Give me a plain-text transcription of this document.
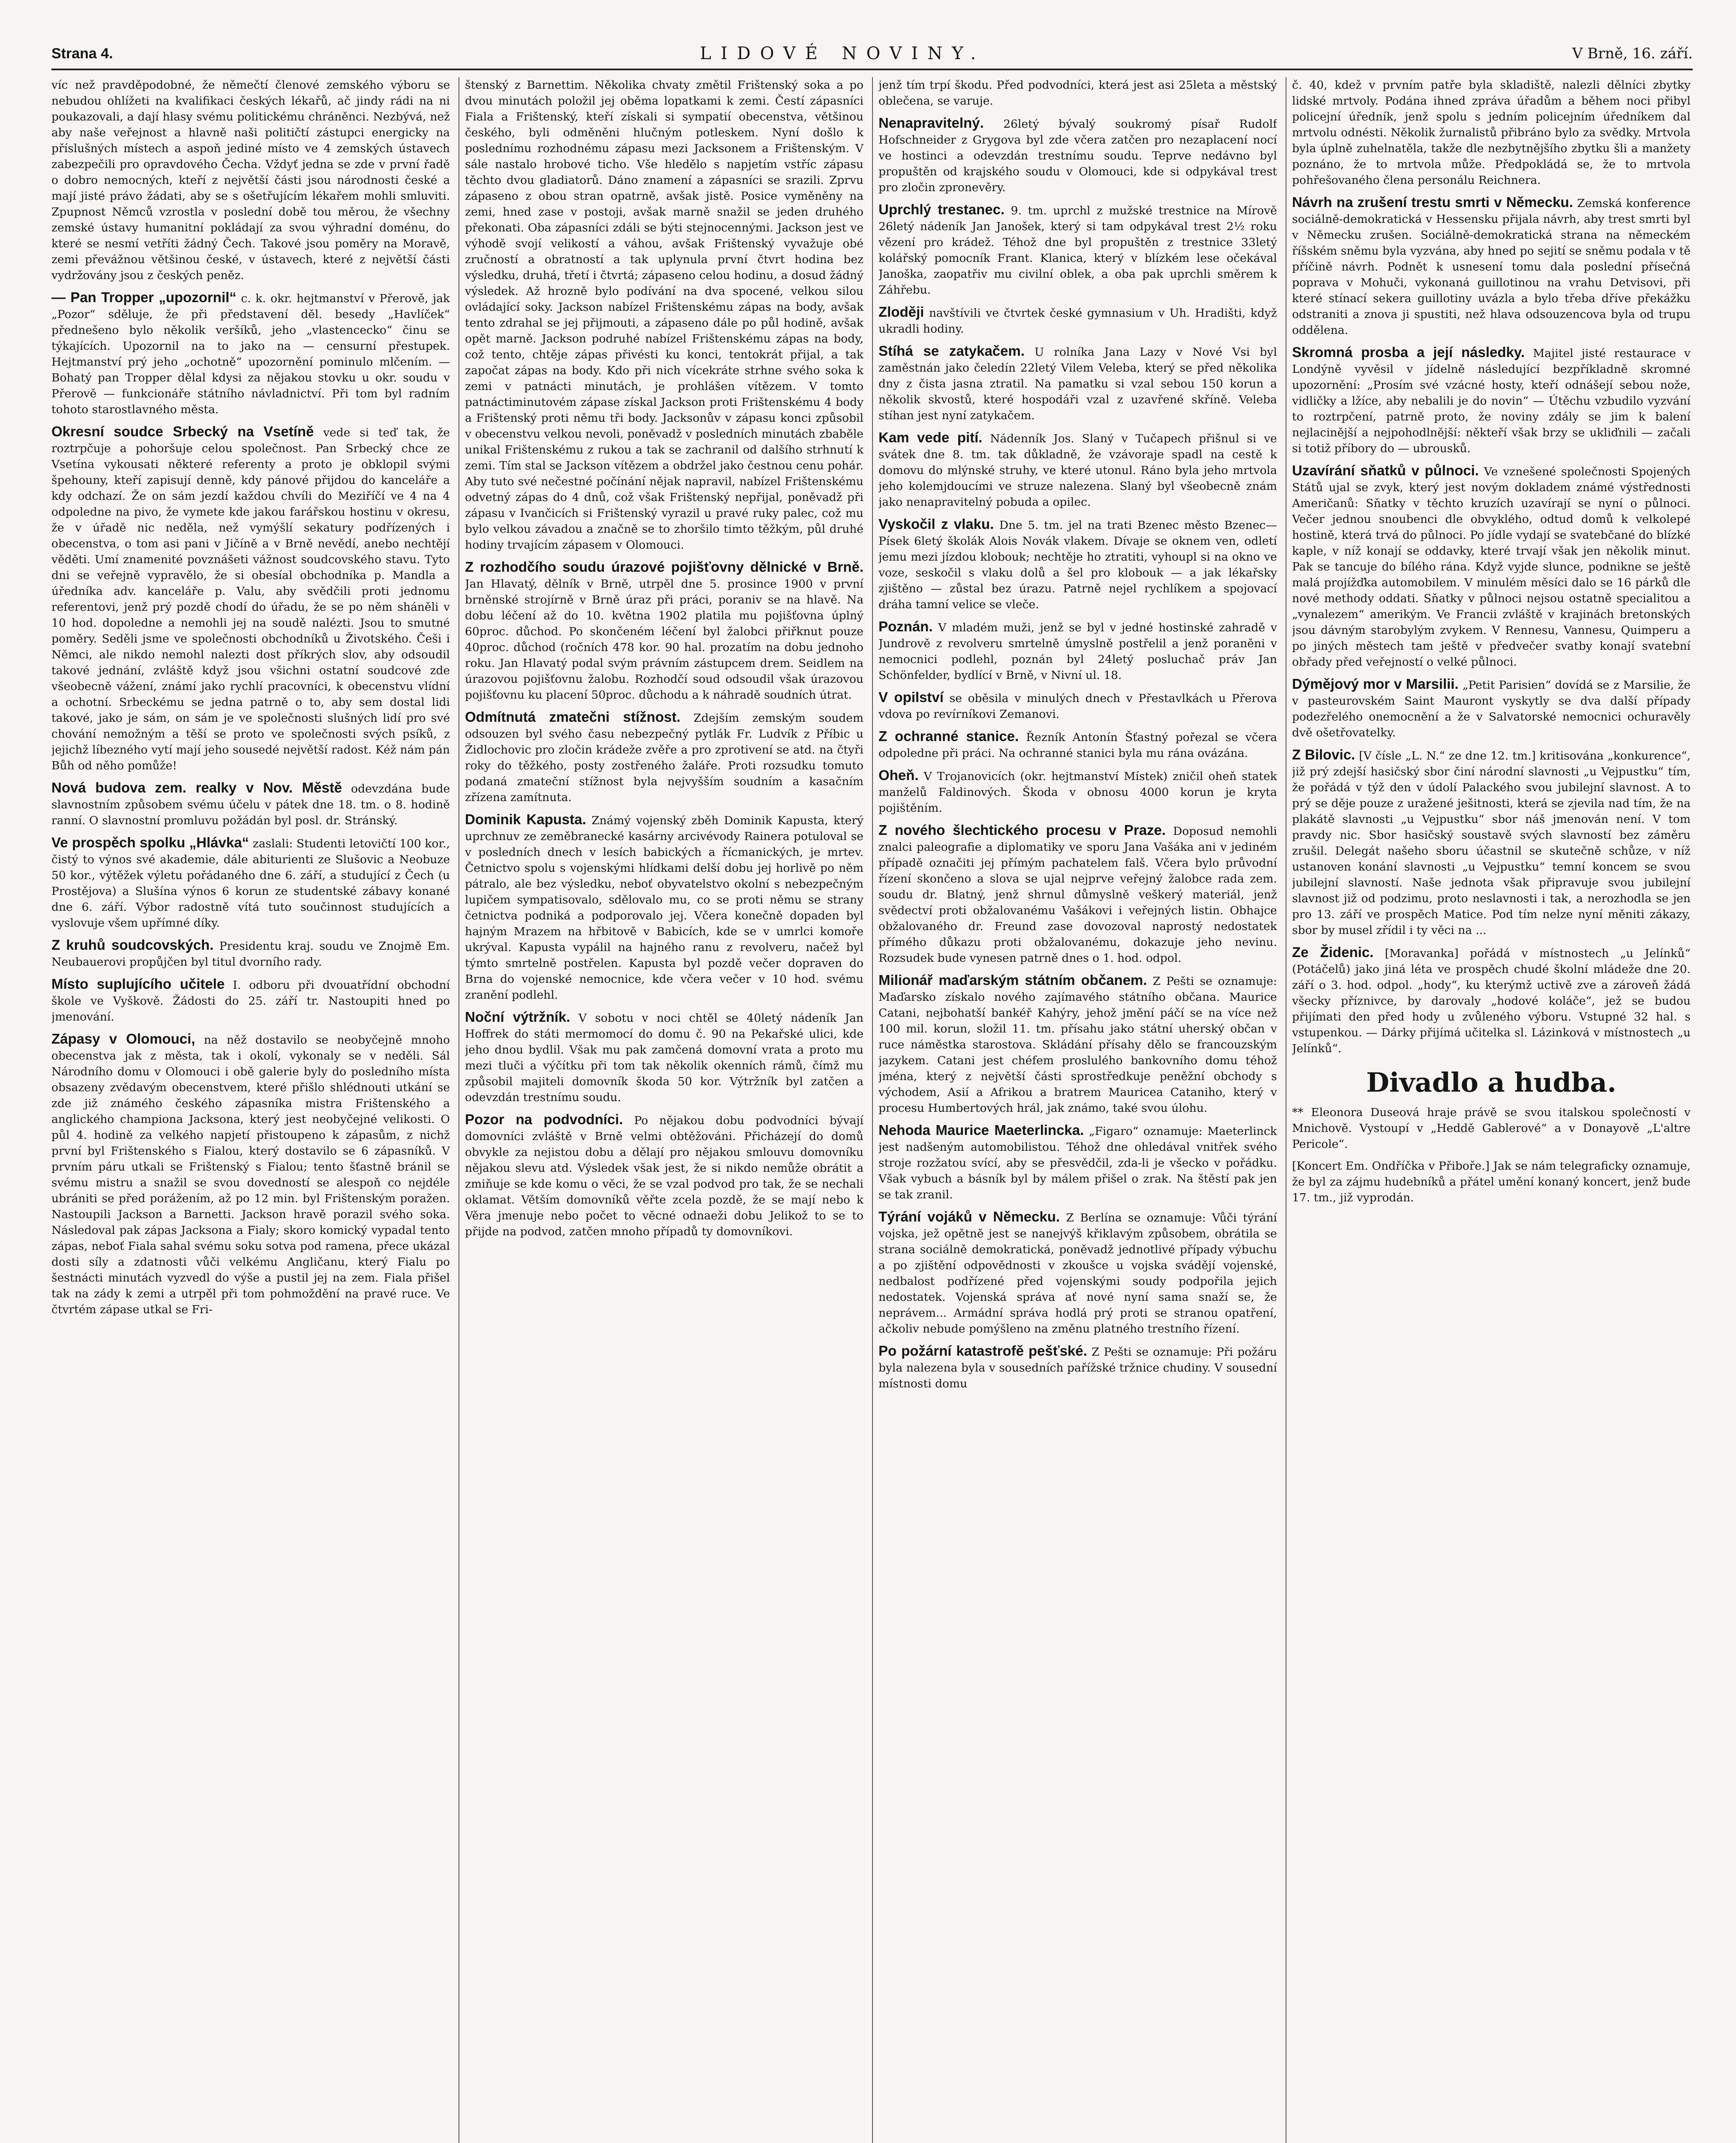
Strana 4.	LIDOVÉ NOVINY.	V Brně, 16. září.

víc než pravděpodobné, že němečtí členové zemského výboru se nebudou ohlížeti na kvalifikaci českých lékařů, ač jindy rádi na ni poukazovali, a dají hlasy svému politickému chráněnci. Nezbývá, než aby naše veřejnost a hlavně naši političtí zástupci energicky na příslušných místech a aspoň jediné místo ve 4 zemských ústavech zabezpečili pro opravdového Čecha. Vždyť jedna se zde v první řadě o dobro nemocných, kteří z největší části jsou národnosti české a mají jisté právo žádati, aby se s ošetřujícím lékařem mohli smluviti. Zpupnost Němců vzrostla v poslední době tou měrou, že všechny zemské ústavy humanitní pokládají za svou výhradní doménu, do které se nesmí vetříti žádný Čech. Takové jsou poměry na Moravě, zemi převážnou většinou české, v ústavech, které z největší části vydržovány jsou z českých peněz.

— Pan Tropper „upozornil“ c. k. okr. hejtmanství v Přerově, jak „Pozor“ sděluje, že při představení děl. besedy „Havlíček“ přednešeno bylo několik veršíků, jeho „vlastencecko“ činu se týkajících. Upozornil na to jako na — censurní přestupek. Hejtmanství prý jeho „ochotně“ upozornění pominulo mlčením. — Bohatý pan Tropper dělal kdysi za nějakou stovku u okr. soudu v Přerově — funkcionáře státního návladnictví. Při tom byl radním tohoto starostlavného města.

Okresní soudce Srbecký na Vsetíně vede si teď tak, že roztrpčuje a pohoršuje celou společnost. Pan Srbecký chce ze Vsetína vykousati některé referenty a proto je obklopil svými špehouny, kteří zapisují denně, kdy pánové přijdou do kanceláře a kdy odchazí. Že on sám jezdí každou chvíli do Meziříčí ve 4 na 4 odpoledne na pivo, že vymete kde jakou farářskou hostinu v okresu, že v úřadě nic neděla, než vymýšlí sekatury podřízených i obecenstva, o tom asi pani v Jičíně a v Brně nevědí, anebo nechtějí věděti. Umí znamenité povznášeti vážnost soudcovského stavu. Tyto dni se veřejně vypravělo, že si obesíal obchodníka p. Mandla a úředníka adv. kanceláře p. Valu, aby svědčili proti jednomu referentovi, jenž prý pozdě chodí do úřadu, že se po něm sháněli v 10 hod. dopoledne a nemohli jej na soudě nalézti. Jsou to smutné poměry. Seděli jsme ve společnosti obchodníků u Životského. Češi i Němci, ale nikdo nemohl nalezti dost příkrých slov, aby odsoudil takové jednání, zvláště když jsou všichni ostatní soudcové zde všeobecně vážení, známí jako rychlí pracovníci, k obecenstvu vlídní a ochotní. Srbeckému se jedna patrně o to, aby sem dostal lidi takové, jako je sám, on sám je ve společnosti slušných lidí pro své chování nemožným a těší se proto ve společnosti svých psíků, z jejichž líbezného vytí mají jeho sousedé největší radost. Kéž nám pán Bůh od něho pomůže!

Nová budova zem. realky v Nov. Městě odevzdána bude slavnostním způsobem svému účelu v pátek dne 18. tm. o 8. hodině ranní. O slavnostní promluvu požádán byl posl. dr. Stránský.

Ve prospěch spolku „Hlávka“ zaslali: Studenti letovičtí 100 kor., čistý to výnos své akademie, dále abiturienti ze Slušovic a Neobuze 50 kor., výtěžek výletu pořádaného dne 6. září, a studující z Čech (u Prostějova) a Slušína výnos 6 korun ze studentské zábavy konané dne 6. září. Výbor radostně vítá tuto součinnost studujících a vyslovuje všem upřímné díky.

Z kruhů soudcovských. Presidentu kraj. soudu ve Znojmě Em. Neubauerovi propůjčen byl titul dvorního rady.

Místo suplujícího učitele I. odboru při dvouatřídní obchodní škole ve Vyškově. Žádosti do 25. září tr. Nastoupiti hned po jmenování.

Zápasy v Olomouci, na něž dostavilo se neobyčejně mnoho obecenstva jak z města, tak i okolí, vykonaly se v neděli. Sál Národního domu v Olomouci i obě galerie byly do posledního místa obsazeny zvědavým obecenstvem, které přišlo shlédnouti utkání se zde již známého českého zápasníka mistra Frištenského a anglického championa Jacksona, který jest neobyčejné velikosti. O půl 4. hodině za velkého napjetí přistoupeno k zápasům, z nichž první byl Frištenského s Fialou, který dostavilo se 6 zápasníků. V prvním páru utkali se Frištenský s Fialou; tento šťastně bránil se svému mistru a snažil se svou dovedností se alespoň co nejdéle ubrániti se před porážením, až po 12 min. byl Frištenským poražen. Nastoupili Jackson a Barnetti. Jackson hravě porazil svého soka. Následoval pak zápas Jacksona a Fialy; skoro komický vypadal tento zápas, neboť Fiala sahal svému soku sotva pod ramena, přece ukázal dosti síly a zdatnosti vůči velkému Angličanu, který Fialu po šestnácti minutách vyzvedl do výše a pustil jej na zem. Fiala přišel tak na zády k zemi a utrpěl při tom pohmoždění na pravé ruce. Ve čtvrtém zápase utkal se Fri-

štenský z Barnettim. Několika chvaty změtil Frištenský soka a po dvou minutách položil jej oběma lopatkami k zemi. Čestí zápasníci Fiala a Frištenský, kteří získali si sympatií obecenstva, většinou českého, byli odměněni hlučným potleskem. Nyní došlo k poslednímu rozhodnému zápasu mezi Jacksonem a Frištenským. V sále nastalo hrobové ticho. Vše hledělo s napjetím vstříc zápasu těchto dvou gladiatorů. Dáno znamení a zápasníci se srazili. Zprvu zápaseno z obou stran opatrně, avšak jistě. Posice vyměněny na zemi, hned zase v postoji, avšak marně snažil se jeden druhého překonati. Oba zápasníci zdáli se býti stejnocennými. Jackson jest ve výhodě svojí velikostí a váhou, avšak Frištenský vyvažuje obé zručností a obratností a tak uplynula první čtvrt hodina bez výsledku, druhá, třetí i čtvrtá; zápaseno celou hodinu, a dosud žádný výsledek. Až hrozně bylo podívání na dva spocené, velkou silou ovládající soky. Jackson nabízel Frištenskému zápas na body, avšak tento zdrahal se jej přijmouti, a zápaseno dále po půl hodině, avšak opět marně. Jackson podruhé nabízel Frištenskému zápas na body, což tento, chtěje zápas přivésti ku konci, tentokrát přijal, a tak započat zápas na body. Kdo při nich vícekráte strhne svého soka k zemi v patnácti minutách, je prohlášen vítězem. V tomto patnáctiminutovém zápase získal Jackson proti Frištenskému 4 body a Frištenský proti němu tři body. Jacksonův v zápasu konci způsobil v obecenstvu velkou nevoli, poněvadž v posledních minutách zbaběle unikal Frištenskému z rukou a tak se zachranil od dalšího strhnutí k zemi. Tím stal se Jackson vítězem a obdržel jako čestnou cenu pohár. Aby tuto své nečestné počínání nějak napravil, nabízel Frištenskému odvetný zápas do 4 dnů, což však Frištenský nepřijal, poněvadž při zápasu v Ivančicích si Frištenský vyrazil u pravé ruky palec, což mu bylo velkou závadou a značně se to zhoršilo timto těžkým, půl druhé hodiny trvajícím zápasem v Olomouci.

Z rozhodčího soudu úrazové pojišťovny dělnické v Brně. Jan Hlavatý, dělník v Brně, utrpěl dne 5. prosince 1900 v první brněnské strojírně v Brně úraz při práci, poraniv se na hlavě. Na dobu léčení až do 10. května 1902 platila mu pojišťovna úplný 60proc. důchod. Po skončeném léčení byl žalobci přiřknut pouze 40proc. důchod (ročních 478 kor. 90 hal. prozatím na dobu jednoho roku. Jan Hlavatý podal svým právním zástupcem drem. Seidlem na úrazovou pojišťovnu žalobu. Rozhodčí soud odsoudil však úrazovou pojišťovnu ku placení 50proc. důchodu a k náhradě soudních útrat.

Odmítnutá zmatečni stížnost. Zdejším zemským soudem odsouzen byl svého času nebezpečný pytlák Fr. Ludvík z Příbic u Židlochovic pro zločin krádeže zvěře a pro zprotivení se atd. na čtyři roky do těžkého, posty zostřeného žaláře. Proti rozsudku tomuto podaná zmateční stížnost byla nejvyšším soudním a kasačním zřízena zamítnuta.

Dominik Kapusta. Známý vojenský zběh Dominik Kapusta, který uprchnuv ze zeměbranecké kasárny arcivévody Rainera potuloval se v posledních dnech v lesích babických a řícmanických, je mrtev. Četnictvo spolu s vojenskými hlídkami delší dobu jej horlivě po něm pátralo, ale bez výsledku, neboť obyvatelstvo okolní s nebezpečným lupičem sympatisovalo, sdělovalo mu, co se proti němu se strany četnictva podniká a podporovalo jej. Včera konečně dopaden byl hajným Mrazem na hřbitově v Babicích, kde se v umrlci komoře ukrýval. Kapusta vypálil na hajného ranu z revolveru, načež byl týmto smrtelně postřelen. Kapusta byl pozdě večer dopraven do Brna do vojenské nemocnice, kde včera večer v 10 hod. svému zranění podlehl.

Noční výtržník. V sobotu v noci chtěl se 40letý nádeník Jan Hoffrek do státi mermomocí do domu č. 90 na Pekařské ulici, kde jeho dnou bydlil. Však mu pak zamčená domovní vrata a proto mu mezi tluči a výčítku při tom tak několik okenních rámů, čímž mu způsobil majiteli domovník škoda 50 kor. Výtržník byl zatčen a odevzdán trestnímu soudu.

Pozor na podvodníci. Po nějakou dobu podvodníci bývají domovníci zvláště v Brně velmi obtěžováni. Přicházejí do domů obvykle za nejistou dobu a dělají pro nějakou smlouvu domovníku nějakou slevu atd. Výsledek však jest, že si nikdo nemůže obrátit a zmiňuje se kde komu o věci, že se vzal podvod pro tak, že se nechali oklamat. Větším domovníků věřte zcela pozdě, že se mají nebo k Věra jmenuje nebo počet to věcné odnaeži dobu Jelikož to se to přijde na podvod, zatčen mnoho případů ty domovníkovi.

jenž tím trpí škodu. Před podvodníci, která jest asi 25leta a městský oblečena, se varuje.

Nenapravitelný. 26letý bývalý soukromý písař Rudolf Hofschneider z Grygova byl zde včera zatčen pro nezaplacení nocí ve hostinci a odevzdán trestnímu soudu. Teprve nedávno byl propuštěn od krajského soudu v Olomouci, kde si odpykával trest pro zločin zpronevěry.

Uprchlý trestanec. 9. tm. uprchl z mužské trestnice na Mírově 26letý nádeník Jan Janošek, který si tam odpykával trest 2½ roku vězení pro krádež. Téhož dne byl propuštěn z trestnice 33letý kolářský pomocník Frant. Klanica, který v blízkém lese očekával Janoška, zaopatřiv mu civilní oblek, a oba pak uprchli směrem k Záhřebu.

Zloději navštívili ve čtvrtek české gymnasium v Uh. Hradišti, když ukradli hodiny.

Stíhá se zatykačem. U rolníka Jana Lazy v Nové Vsi byl zaměstnán jako čeledín 22letý Vilem Veleba, který se před několika dny z čista jasna ztratil. Na pamatku si vzal sebou 150 korun a několik skvostů, které hospodáři vzal z uzavřené skříně. Veleba stíhan jest nyní zatykačem.

Kam vede pití. Nádenník Jos. Slaný v Tučapech přišnul si ve svátek dne 8. tm. tak důkladně, že vzávoraje spadl na cestě k domovu do mlýnské struhy, ve které utonul. Ráno byla jeho mrtvola jeho kolemjdoucími ve struze nalezena. Slaný byl všeobecně znám jako nenapravitelný pobuda a opilec.

Vyskočil z vlaku. Dne 5. tm. jel na trati Bzenec město Bzenec—Písek 6letý školák Alois Novák vlakem. Dívaje se oknem ven, odletí jemu mezi jízdou klobouk; nechtěje ho ztratiti, vyhoupl si na okno ve voze, seskočil s vlaku dolů a šel pro klobouk — a jak lékařsky zjištěno — zůstal bez úrazu. Patrně nejel rychlíkem a spojovací dráha tamní velice se vleče.

Poznán. V mladém muži, jenž se byl v jedné hostinské zahradě v Jundrově z revolveru smrtelně úmyslně postřelil a jenž poraněni v nemocnici podlehl, poznán byl 24letý posluchač práv Jan Schönfelder, bydlící v Brně, v Nivní ul. 18.

V opilství se oběsila v minulých dnech v Přestavlkách u Přerova vdova po revírníkovi Zemanovi.

Z ochranné stanice. Řezník Antonín Šťastný pořezal se včera odpoledne při práci. Na ochranné stanici byla mu rána ovázána.

Oheň. V Trojanovicích (okr. hejtmanství Místek) zničil oheň statek manželů Faldinových. Škoda v obnosu 4000 korun je kryta pojištěním.

Z nového šlechtického procesu v Praze. Doposud nemohli znalci paleografie a diplomatiky ve sporu Jana Vašáka ani v jediném případě označiti jej přímým pachatelem falš. Včera bylo průvodní řízení skončeno a slova se ujal nejprve veřejný žalobce rada zem. soudu dr. Blatný, jenž shrnul důmyslně veškerý materiál, jenž svědectví proti obžalovanému Vašákovi i veřejných listin. Obhajce obžalovaného dr. Freund zase dovozoval naprostý nedostatek přímého důkazu proti obžalovanému, dokazuje jeho nevinu. Rozsudek bude vynesen patrně dnes o 1. hod. odpol.

Milionář maďarským státním občanem. Z Pešti se oznamuje: Maďarsko získalo nového zajímavého státního občana. Maurice Catani, nejbohatší bankéř Kahýry, jehož jmění páčí se na více než 100 mil. korun, složil 11. tm. přísahu jako státní uherský občan v ruce náměstka starostova. Skládání přísahy dělo se francouzským jazykem. Catani jest chéfem proslulého bankovního domu téhož jména, který z největší části sprostředkuje peněžní obchody s východem, Asií a Afrikou a bratrem Mauricea Cataniho, který v procesu Humbertových hrál, jak známo, také svou úlohu.

Nehoda Maurice Maeterlincka. „Figaro“ oznamuje: Maeterlinck jest nadšeným automobilistou. Téhož dne ohledával vnitřek svého stroje rozžatou svící, aby se přesvědčil, zda-li je všecko v pořádku. Však vybuch a básník byl by málem přišel o zrak. Na štěstí pak jen se tak zranil.

Týrání vojáků v Německu. Z Berlína se oznamuje: Vůči týrání vojska, jež opětně jest se nanejvýš křiklavým způsobem, obrátila se strana sociálně demokratická, poněvadž jednotlivé případy výbuchu a po zjištění odpovědnosti v zkoušce u vojska svádějí vojenské, nedbalost podřízené před vojenskými soudy podpořila jejich nedostatek. Vojenská správa ať nové nyní sama snaží se, že neprávem... Armádní správa hodlá prý proti se stranou opatření, ačkoliv nebude pomýšleno na změnu platného trestního řízení.

Po požární katastrofě pešťské. Z Pešti se oznamuje: Při požáru byla nalezena byla v sousedních pařížské tržnice chudiny. V sousední místnosti domu

č. 40, kdež v prvním patře byla skladiště, nalezli dělníci zbytky lidské mrtvoly. Podána ihned zpráva úřadům a během noci přibyl policejní úředník, jenž spolu s jedním policejním úředníkem dal mrtvolu odnésti. Několik žurnalistů přibráno bylo za svědky. Mrtvola byla úplně zuhelnatěla, takže dle nezbytnějšího zbytku šli a manžety poznáno, že to mrtvola může. Předpokládá se, že to mrtvola pohřešovaného člena personálu Reichnera.

Návrh na zrušení trestu smrti v Německu. Zemská konference sociálně-demokratická v Hessensku přijala návrh, aby trest smrti byl v Německu zrušen. Sociálně-demokratická strana na německém říšském sněmu byla vyzvána, aby hned po sejití se sněmu podala v tě příčině návrh. Podnět k usnesení tomu dala poslední přísečná poprava v Mohuči, vykonaná guillotinou na vrahu Detvisovi, při které stínací sekera guillotiny uvázla a bylo třeba dříve překážku odstraniti a znova ji spustiti, než hlava odsouzencova byla od trupu oddělena.

Skromná prosba a její následky. Majitel jisté restaurace v Londýně vyvěsil v jídelně následující bezpříkladně skromné upozornění: „Prosím své vzácné hosty, kteří odnášejí sebou nože, vidličky a lžíce, aby nebalili je do novin“ — Útěchu vzbudilo vyzvání to roztrpčení, patrně proto, že noviny zdály se jim k balení nejlacinější a nejpohodlnější: někteří však brzy se ukliďnili — začali si totiž příbory do — ubrousků.

Uzavírání sňatků v půlnoci. Ve vznešené společnosti Spojených Států ujal se zvyk, který jest novým dokladem známé výstřednosti Američanů: Sňatky v těchto kruzích uzavírají se nyní o půlnoci. Večer jednou snoubenci dle obvyklého, odtud domů k velkolepé hostině, která trvá do půlnoci. Po jídle vydají se svatebčané do blízké kaple, v níž konají se oddavky, které trvají však jen několik minut. Pak se tancuje do bílého rána. Když vyjde slunce, podnikne se ještě malá projížďka automobilem. V minulém měsíci dalo se 16 párků dle nové methody oddati. Sňatky v půlnoci nejsou ostatně specialitou a „vynalezem“ amerikým. Ve Francii zvláště v krajinách bretonských jsou dávným starobylým zvykem. V Rennesu, Vannesu, Quimperu a po jiných městech tam ještě v předvečer svatby konají svatební obřady před veřejností o velké půlnoci.

Dýmějový mor v Marsilii. „Petit Parisien“ dovídá se z Marsilie, že v pasteurovském Saint Mauront vyskytly se dva další případy podezřelého onemocnění a že v Salvatorské nemocnici ochuravěly dvě ošetřovatelky.

Z Bilovic. [V čísle „L. N.“ ze dne 12. tm.] kritisována „konkurence“, již prý zdejší hasičský sbor činí národní slavnosti „u Vejpustku“ tím, že pořádá v týž den v údolí Palackého svou jubilejní slavnost. A to prý se děje pouze z uražené ješitnosti, která se zjevila nad tím, že na plakátě slavnosti „u Vejpustku“ sbor náš jmenován není. V tom pravdy nic. Sbor hasičský soustavě svých slavností bez záměru zrušil. Delegát našeho sboru účastnil se skutečně schůze, v níž ustanoven konání slavnosti „u Vejpustku“ temní koncem se svou jubilejní slavností. Naše jednota však připravuje svou jubilejní slavnost již od podzimu, proto neslavnosti i tak, a nerozhodla se jen pro 13. září ve prospěch Matice. Pod tím nelze nyní měniti zákazy, sbor by musel zřídil i ty věci na ...

Ze Židenic. [Moravanka] pořádá v místnostech „u Jelínků“ (Potáčelů) jako jiná léta ve prospěch chudé školní mládeže dne 20. září o 3. hod. odpol. „hody“, ku kterýmž uctivě zve a zároveň žádá všecky příznivce, by darovaly „hodové koláče“, jež se budou přijímati den před hody u zvůleného výboru. Vstupné 32 hal. s vstupenkou. — Dárky přijímá učitelka sl. Lázinková v místnostech „u Jelínků“.

Divadlo a hudba.

** Eleonora Duseová hraje právě se svou italskou společností v Mnichově. Vystoupí v „Heddě Gablerové“ a v Donayově „L'altre Pericole“.

[Koncert Em. Ondříčka v Přiboře.] Jak se nám telegraficky oznamuje, že byl za zájmu hudebníků a přátel umění konaný koncert, jenž bude 17. tm., již vyprodán.
